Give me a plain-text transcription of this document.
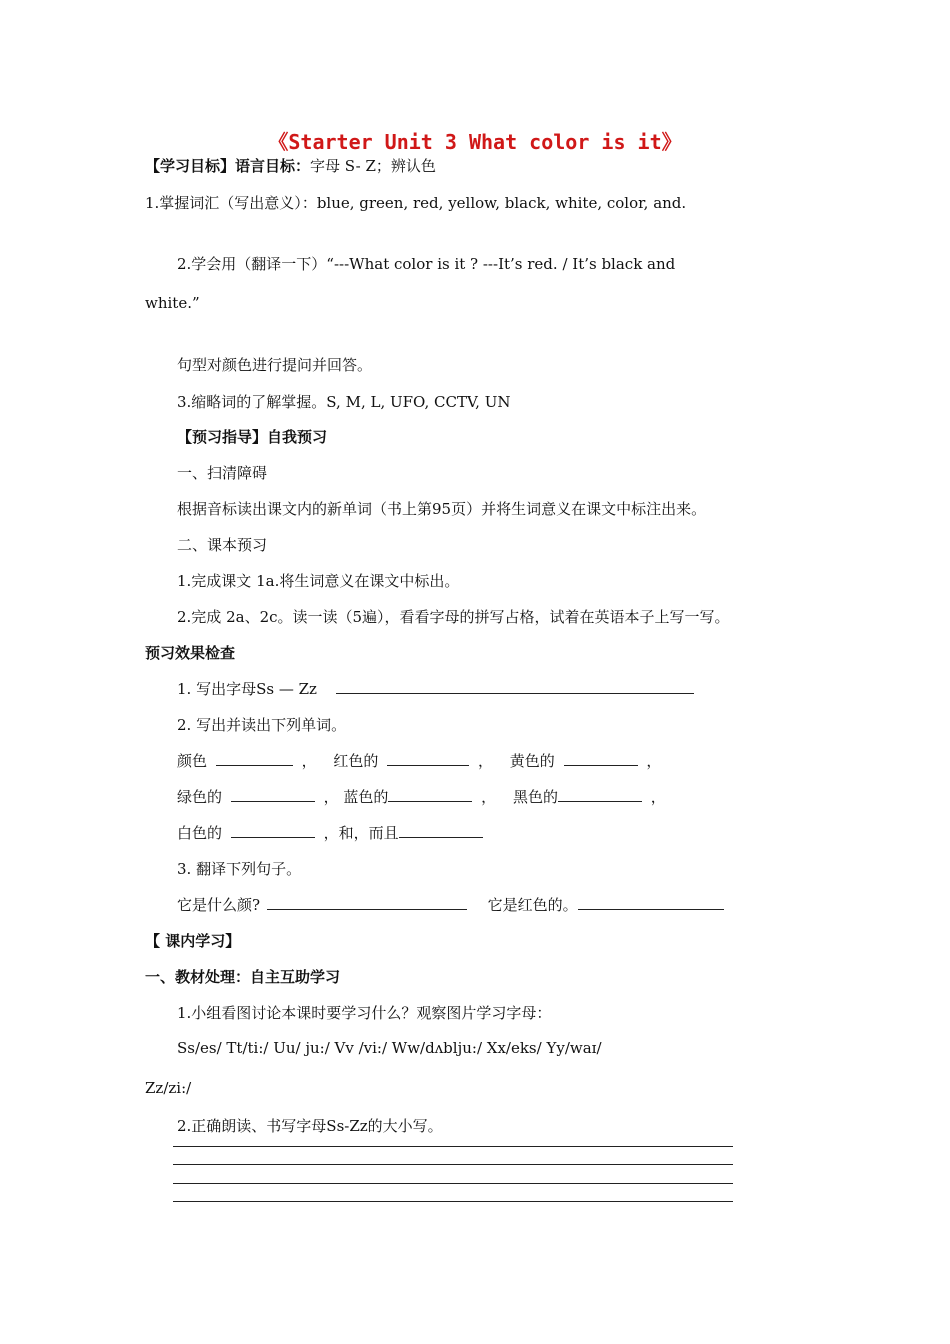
《Starter Unit 3 What color is it》
【学习目标】语言目标：字母 S- Z；辨认色
1.掌握词汇（写出意义）：blue, green, red, yellow, black, white, color, and.
2.学会用（翻译一下）“---What color is it ? ---It’s red. / It’s black and
white.”
句型对颜色进行提问并回答。
3.缩略词的了解掌握。S, M, L, UFO, CCTV, UN
【预习指导】自我预习
一、扫清障碍
根据音标读出课文内的新单词（书上第95页）并将生词意义在课文中标注出来。
二、课本预习
1.完成课文 1a.将生词意义在课文中标出。
2.完成 2a、2c。读一读（5遍），看看字母的拼写占格，试着在英语本子上写一写。
预习效果检查
1. 写出字母Ss — Zz
2. 写出并读出下列单词。
颜色	， 红色的	， 黄色的	，
绿色的	， 蓝色的	， 黑色的	，
白色的	，和，而且
3. 翻译下列句子。
它是什么颜?	它是红色的。
【 课内学习】
一、教材处理：自主互助学习
1.小组看图讨论本课时要学习什么？观察图片学习字母：
Ss/es/ Tt/ti:/ Uu/ ju:/ Vv /vi:/ Ww/dʌblju:/ Xx/eks/ Yy/waɪ/
Zz/zi:/
2.正确朗读、书写字母Ss-Zz的大小写。
